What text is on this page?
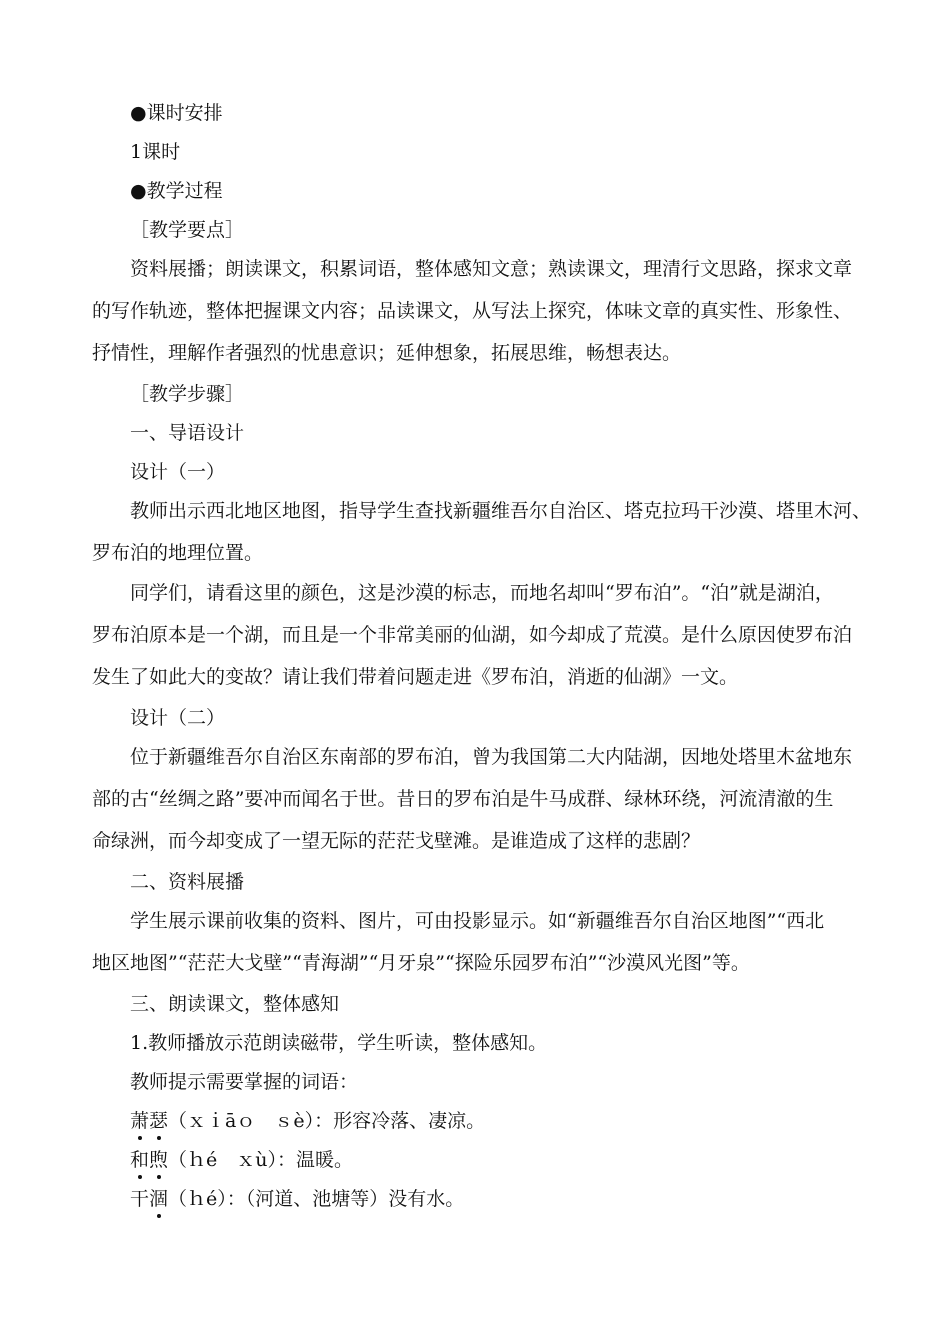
●课时安排
1课时
●教学过程
［教学要点］
资料展播；朗读课文，积累词语，整体感知文意；熟读课文，理清行文思路，探求文章
的写作轨迹，整体把握课文内容；品读课文，从写法上探究，体味文章的真实性、形象性、
抒情性，理解作者强烈的忧患意识；延伸想象，拓展思维，畅想表达。
［教学步骤］
一、导语设计
设计（一）
教师出示西北地区地图，指导学生查找新疆维吾尔自治区、塔克拉玛干沙漠、塔里木河、
罗布泊的地理位置。
同学们，请看这里的颜色，这是沙漠的标志，而地名却叫“罗布泊”。“泊”就是湖泊，
罗布泊原本是一个湖，而且是一个非常美丽的仙湖，如今却成了荒漠。是什么原因使罗布泊
发生了如此大的变故？请让我们带着问题走进《罗布泊，消逝的仙湖》一文。
设计（二）
位于新疆维吾尔自治区东南部的罗布泊，曾为我国第二大内陆湖，因地处塔里木盆地东
部的古“丝绸之路”要冲而闻名于世。昔日的罗布泊是牛马成群、绿林环绕，河流清澈的生
命绿洲，而今却变成了一望无际的茫茫戈壁滩。是谁造成了这样的悲剧？
二、资料展播
学生展示课前收集的资料、图片，可由投影显示。如“新疆维吾尔自治区地图”“西北
地区地图”“茫茫大戈壁”“青海湖”“月牙泉”“探险乐园罗布泊”“沙漠风光图”等。
三、朗读课文，整体感知
1.教师播放示范朗读磁带，学生听读，整体感知。
教师提示需要掌握的词语：
萧瑟（ｘｉāｏ　ｓè）：形容冷落、凄凉。
和煦（ｈé　ｘù）：温暖。
干涸（ｈé）：（河道、池塘等）没有水。
